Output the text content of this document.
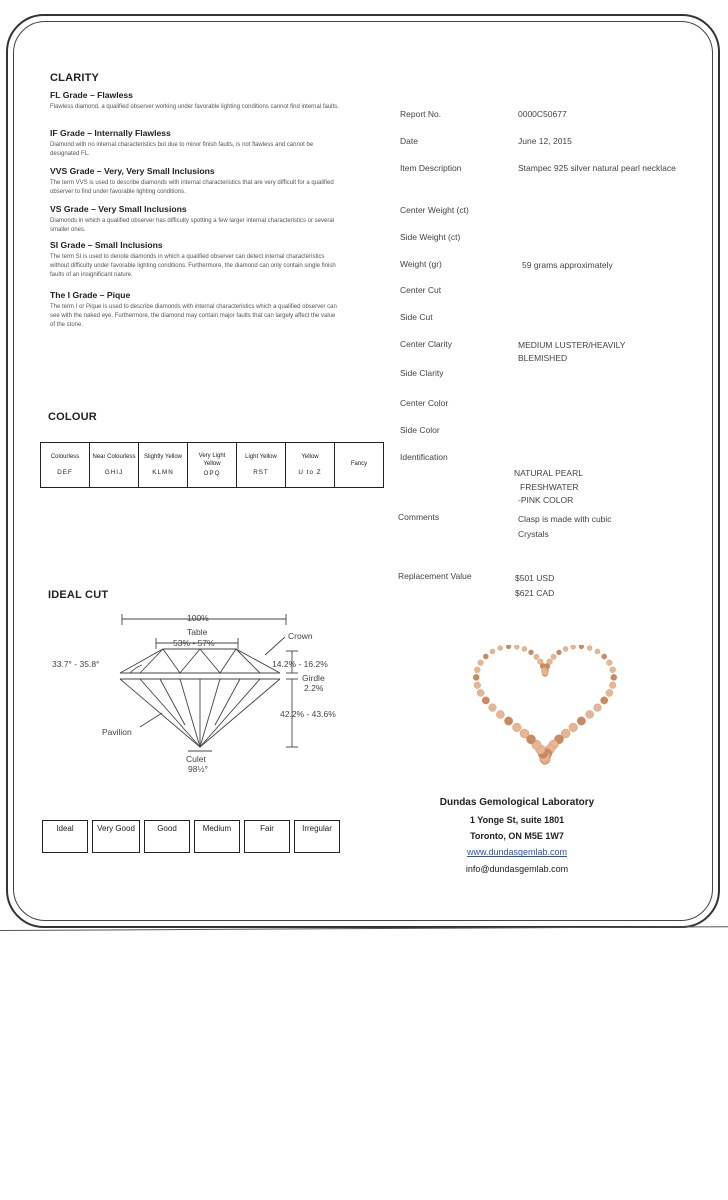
CLARITY
FL Grade – Flawless
Flawless diamond, a qualified observer working under favorable lighting conditions cannot find internal faults.
IF Grade – Internally Flawless
Diamond with no internal characteristics but due to minor finish faults, is not flawless and cannot be designated FL.
VVS Grade – Very, Very Small Inclusions
The term VVS is used to describe diamonds with internal characteristics that are very difficult for a qualified observer to find under favorable lighting conditions.
VS Grade – Very Small Inclusions
Diamonds in which a qualified observer has difficulty spotting a few larger internal characteristics or several smaller ones.
SI Grade – Small Inclusions
The term SI is used to denote diamonds in which a qualified observer can detect internal characteristics without difficulty under favorable lighting conditions. Furthermore, the diamond can only contain single finish faults of an insignificant nature.
The I Grade – Pique
The term I or Pique is used to describe diamonds with internal characteristics which a qualified observer can see with the naked eye. Furthermore, the diamond may contain major faults that can largely affect the value of the stone.
COLOUR
Colourless
DEF

Near Colourless
GHIJ

Slightly Yellow
KLMN

Very Light Yellow
OPQ

Light Yellow
RST

Yellow
U to Z

Fancy
IDEAL CUT
100%
Table
53% - 57%
Crown
33.7° - 35.8°	14.2% - 16.2%
Girdle
2.2%
42.2% - 43.6%
Pavilion
Culet
98½°
Ideal	Very Good	Good	Medium	Fair	Irregular
Report No.	0000C50677
Date	June 12, 2015
Item Description	Stampec 925 silver natural pearl necklace
Center Weight (ct)
Side Weight (ct)
Weight (gr)	59 grams approximately
Center Cut
Side Cut
Center Clarity	MEDIUM LUSTER/HEAVILY BLEMISHED
Side Clarity
Center Color
Side Color
Identification
NATURAL PEARL
FRESHWATER
-PINK COLOR
Comments	Clasp is made with cubic
Crystals
Replacement Value	$501 USD
$621 CAD
Dundas Gemological Laboratory
1 Yonge St, suite 1801
Toronto, ON M5E 1W7
www.dundasgemlab.com
info@dundasgemlab.com
